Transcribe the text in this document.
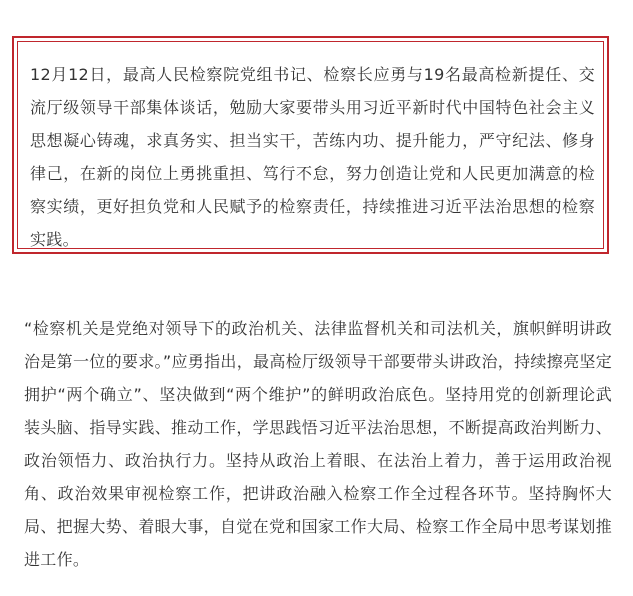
12月12日，最高人民检察院党组书记、检察长应勇与19名最高检新提任、交流厅级领导干部集体谈话，勉励大家要带头用习近平新时代中国特色社会主义思想凝心铸魂，求真务实、担当实干，苦练内功、提升能力，严守纪法、修身律己，在新的岗位上勇挑重担、笃行不怠，努力创造让党和人民更加满意的检察实绩，更好担负党和人民赋予的检察责任，持续推进习近平法治思想的检察实践。

“检察机关是党绝对领导下的政治机关、法律监督机关和司法机关，旗帜鲜明讲政治是第一位的要求。”应勇指出，最高检厅级领导干部要带头讲政治，持续擦亮坚定拥护“两个确立”、坚决做到“两个维护”的鲜明政治底色。坚持用党的创新理论武装头脑、指导实践、推动工作，学思践悟习近平法治思想，不断提高政治判断力、政治领悟力、政治执行力。坚持从政治上着眼、在法治上着力，善于运用政治视角、政治效果审视检察工作，把讲政治融入检察工作全过程各环节。坚持胸怀大局、把握大势、着眼大事，自觉在党和国家工作大局、检察工作全局中思考谋划推进工作。
